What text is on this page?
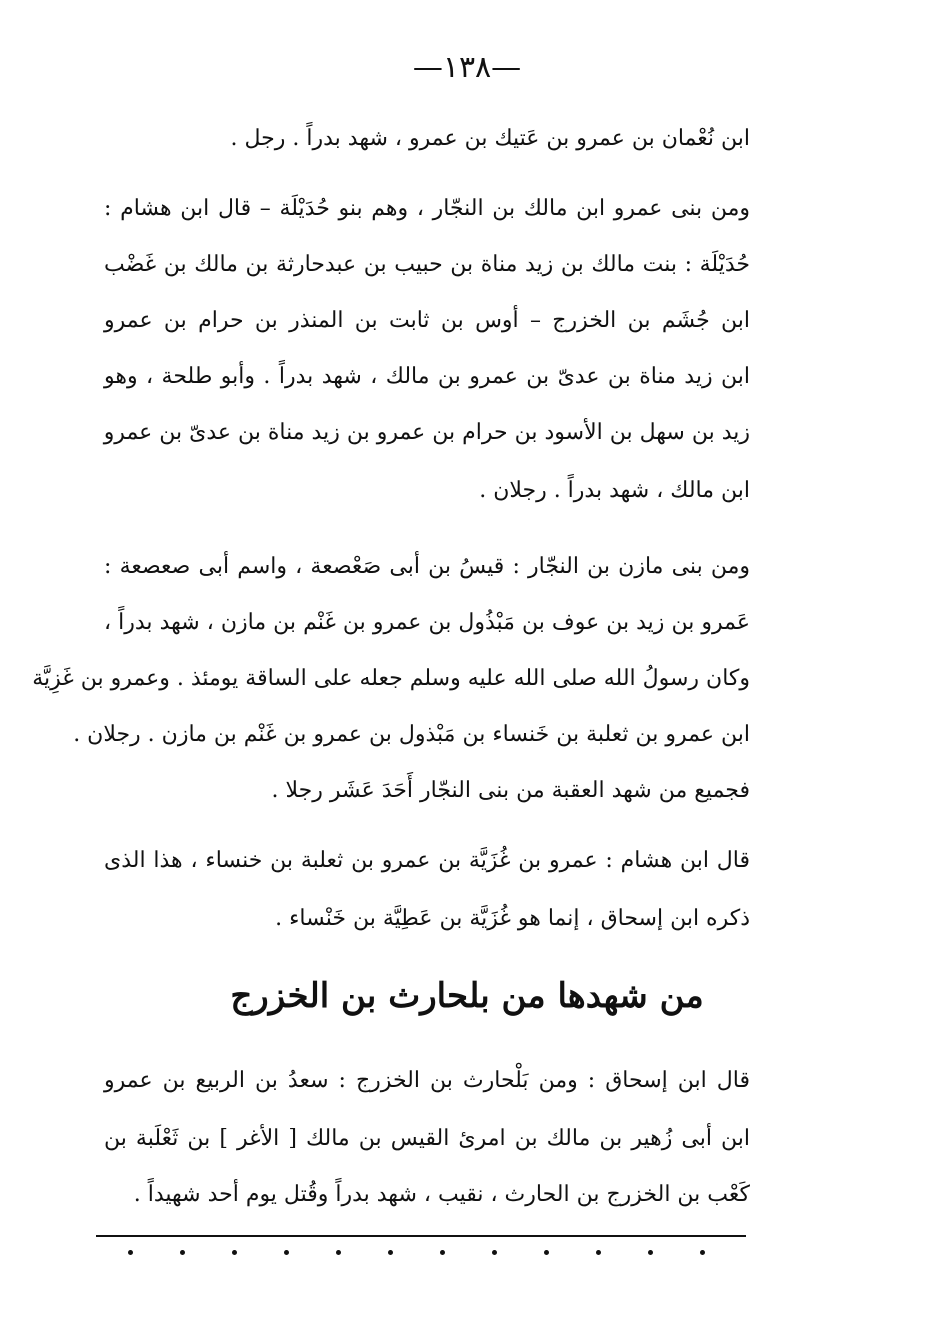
—١٣٨—
ابن نُعْمان بن عمرو بن عَتيك بن عمرو ، شهد بدراً . رجل .
ومن بنى عمرو ابن مالك بن النجّار ، وهم بنو حُدَيْلَة – قال ابن هشام :
حُدَيْلَة : بنت مالك بن زيد مناة بن حبيب بن عبدحارثة بن مالك بن غَضْب
ابن جُشَم بن الخزرج – أوس بن ثابت بن المنذر بن حرام بن عمرو
ابن زيد مناة بن عدىّ بن عمرو بن مالك ، شهد بدراً . وأبو طلحة ، وهو
زيد بن سهل بن الأسود بن حرام بن عمرو بن زيد مناة بن عدىّ بن عمرو
ابن مالك ، شهد بدراً . رجلان .
ومن بنى مازن بن النجّار : قيسُ بن أبى صَعْصعة ، واسم أبى صعصعة :
عَمرو بن زيد بن عوف بن مَبْذُول بن عمرو بن غَنْم بن مازن ، شهد بدراً ،
وكان رسولُ الله صلى الله عليه وسلم جعله على الساقة يومئذ . وعمرو بن غَزِيَّة
ابن عمرو بن ثعلبة بن خَنساء بن مَبْذول بن عمرو بن غَنْم بن مازن . رجلان .
فجميع من شهد العقبة من بنى النجّار أَحَدَ عَشَر رجلا .
قال ابن هشام : عمرو بن غُزَيَّة بن عمرو بن ثعلبة بن خنساء ، هذا الذى
ذكره ابن إسحاق ، إنما هو غُزَيَّة بن عَطِيَّة بن خَنْساء .
من شهدها من بلحارث بن الخزرج
قال ابن إسحاق : ومن بَلْحارث بن الخزرج : سعدُ بن الربيع بن عمرو
ابن أبى زُهير بن مالك بن امرئ القيس بن مالك [ الأغر ] بن ثَعْلَبة بن
كَعْب بن الخزرج بن الحارث ، نقيب ، شهد بدراً وقُتل يوم أحد شهيداً .
